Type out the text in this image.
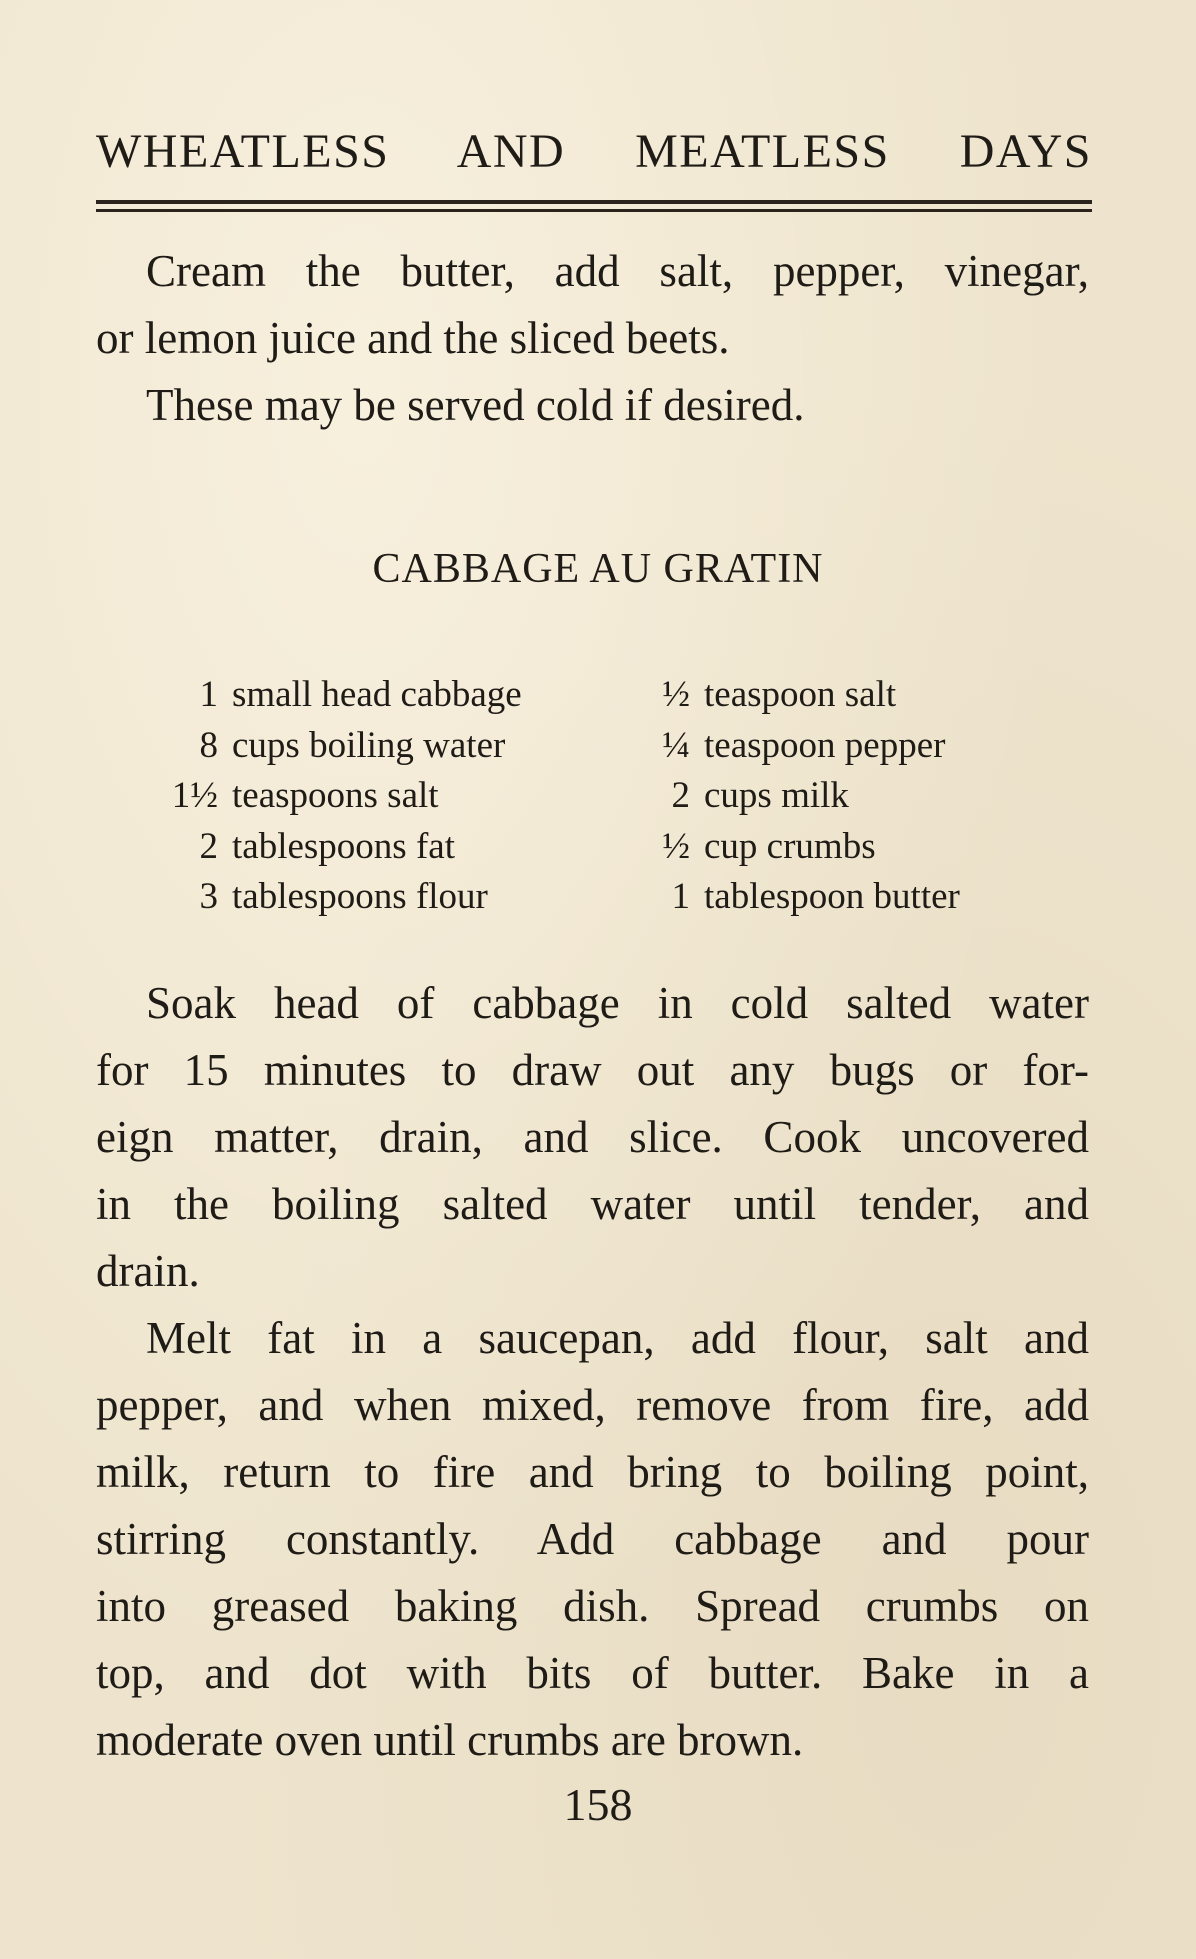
WHEATLESS AND MEATLESS DAYS
Cream the butter, add salt, pepper, vinegar,
or lemon juice and the sliced beets.
These may be served cold if desired.
CABBAGE AU GRATIN
1 small head cabbage
8 cups boiling water
1½ teaspoons salt
2 tablespoons fat
3 tablespoons flour
½ teaspoon salt
¼ teaspoon pepper
2 cups milk
½ cup crumbs
1 tablespoon butter
Soak head of cabbage in cold salted water
for 15 minutes to draw out any bugs or for-
eign matter, drain, and slice. Cook uncovered
in the boiling salted water until tender, and
drain.
Melt fat in a saucepan, add flour, salt and
pepper, and when mixed, remove from fire, add
milk, return to fire and bring to boiling point,
stirring constantly. Add cabbage and pour
into greased baking dish. Spread crumbs on
top, and dot with bits of butter. Bake in a
moderate oven until crumbs are brown.
158
